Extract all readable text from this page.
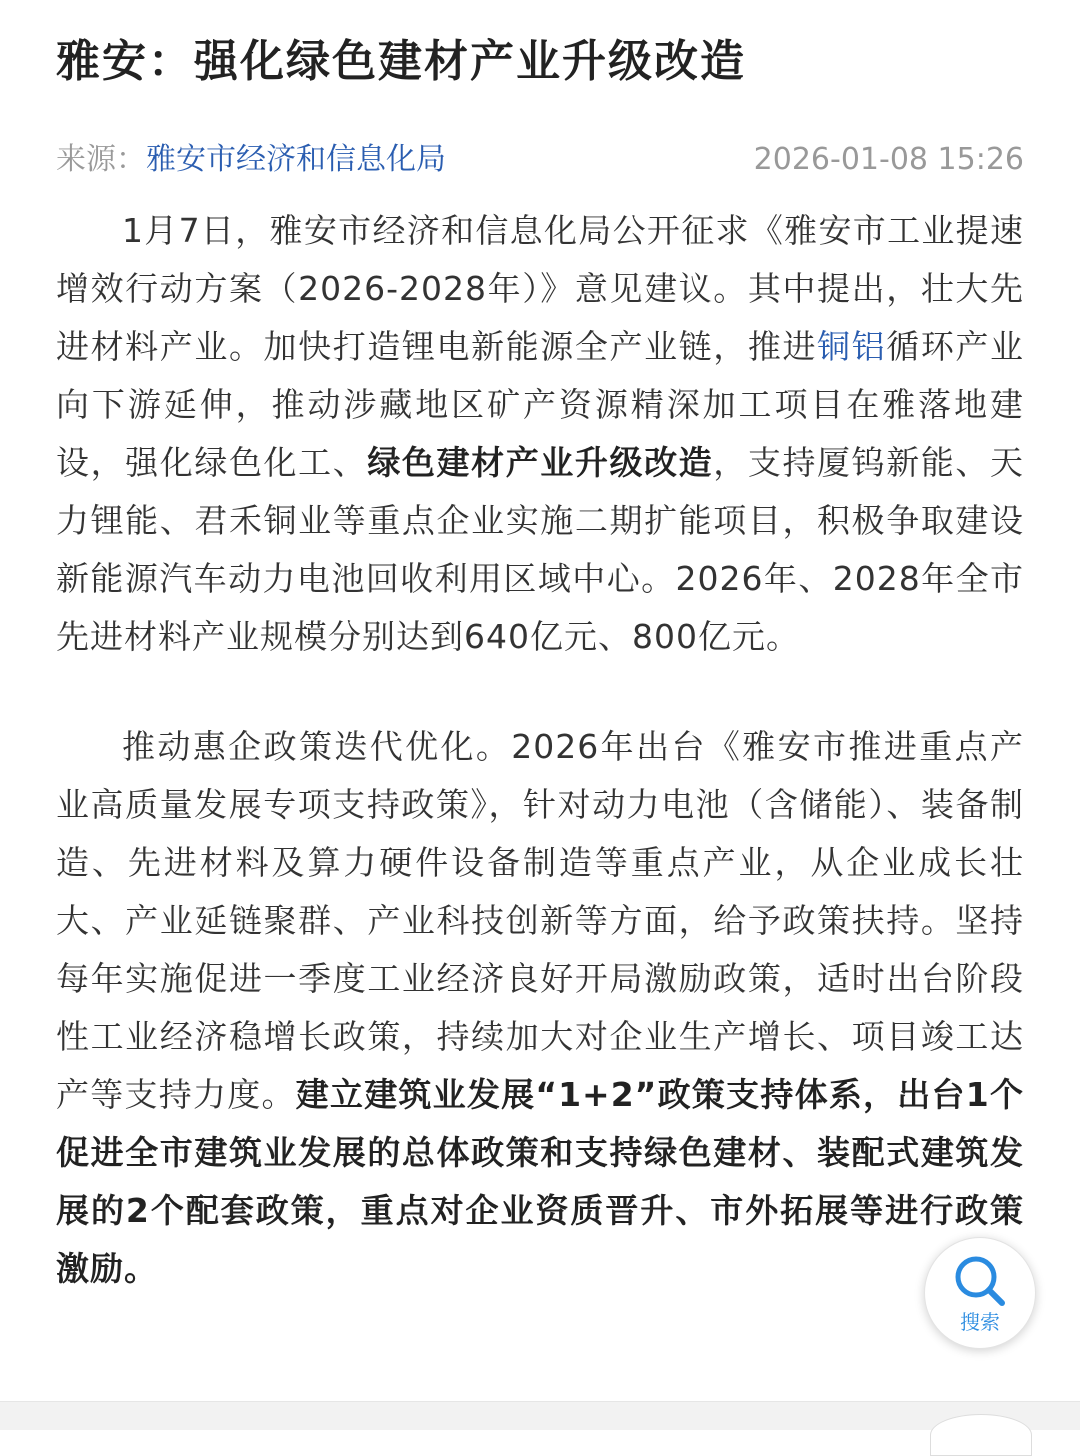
雅安：强化绿色建材产业升级改造
来源：雅安市经济和信息化局	2026-01-08 15:26

1月7日，雅安市经济和信息化局公开征求《雅安市工业提速增效行动方案（2026-2028年）》意见建议。其中提出，壮大先进材料产业。加快打造锂电新能源全产业链，推进铜铝循环产业向下游延伸，推动涉藏地区矿产资源精深加工项目在雅落地建设，强化绿色化工、绿色建材产业升级改造，支持厦钨新能、天力锂能、君禾铜业等重点企业实施二期扩能项目，积极争取建设新能源汽车动力电池回收利用区域中心。2026年、2028年全市先进材料产业规模分别达到640亿元、800亿元。

推动惠企政策迭代优化。2026年出台《雅安市推进重点产业高质量发展专项支持政策》，针对动力电池（含储能）、装备制造、先进材料及算力硬件设备制造等重点产业，从企业成长壮大、产业延链聚群、产业科技创新等方面，给予政策扶持。坚持每年实施促进一季度工业经济良好开局激励政策，适时出台阶段性工业经济稳增长政策，持续加大对企业生产增长、项目竣工达产等支持力度。建立建筑业发展“1+2”政策支持体系，出台1个促进全市建筑业发展的总体政策和支持绿色建材、装配式建筑发展的2个配套政策，重点对企业资质晋升、市外拓展等进行政策激励。

搜索
